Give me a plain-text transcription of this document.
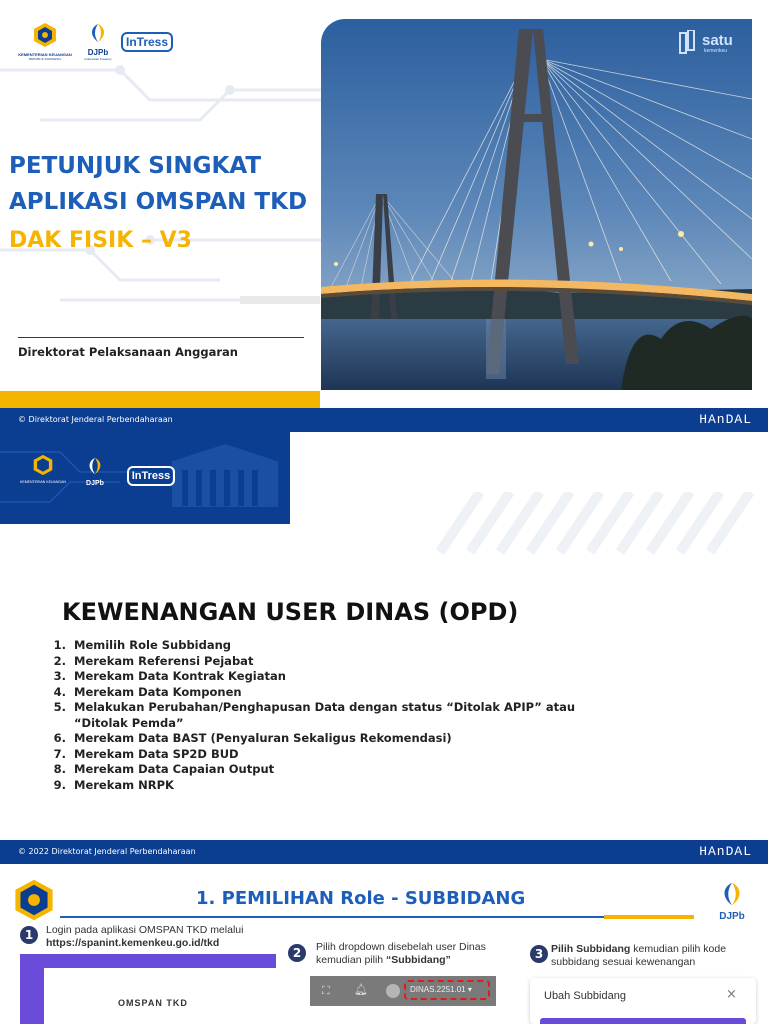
KEMENTERIAN KEUANGAN
REPUBLIK INDONESIA
DJPb
Indonesian Treasury
InTress
PETUNJUK SINGKAT
APLIKASI OMSPAN TKD
DAK FISIK – V3
Direktorat Pelaksanaan Anggaran
satu
kemenkeu
© Direktorat Jenderal Perbendaharaan	HAnDAL
KEMENTERIAN KEUANGAN	DJPb
InTress
KEWENANGAN USER DINAS (OPD)
1. Memilih Role Subbidang
2. Merekam Referensi Pejabat
3. Merekam Data Kontrak Kegiatan
4. Merekam Data Komponen
5. Melakukan Perubahan/Penghapusan Data dengan status “Ditolak APIP” atau “Ditolak Pemda”
6. Merekam Data BAST (Penyaluran Sekaligus Rekomendasi)
7. Merekam Data SP2D BUD
8. Merekam Data Capaian Output
9. Merekam NRPK
© 2022 Direktorat Jenderal Perbendaharaan	HAnDAL
1. PEMILIHAN Role - SUBBIDANG
DJPb
1	Login pada aplikasi OMSPAN TKD melalui
https://spanint.kemenkeu.go.id/tkd
OMSPAN TKD
2	Pilih dropdown disebelah user Dinas kemudian pilih “Subbidang”
⛶ 🔔︎	DINAS.2251.01 ▾
3 Pilih Subbidang kemudian pilih kode subbidang sesuai kewenangan
Ubah Subbidang	×
